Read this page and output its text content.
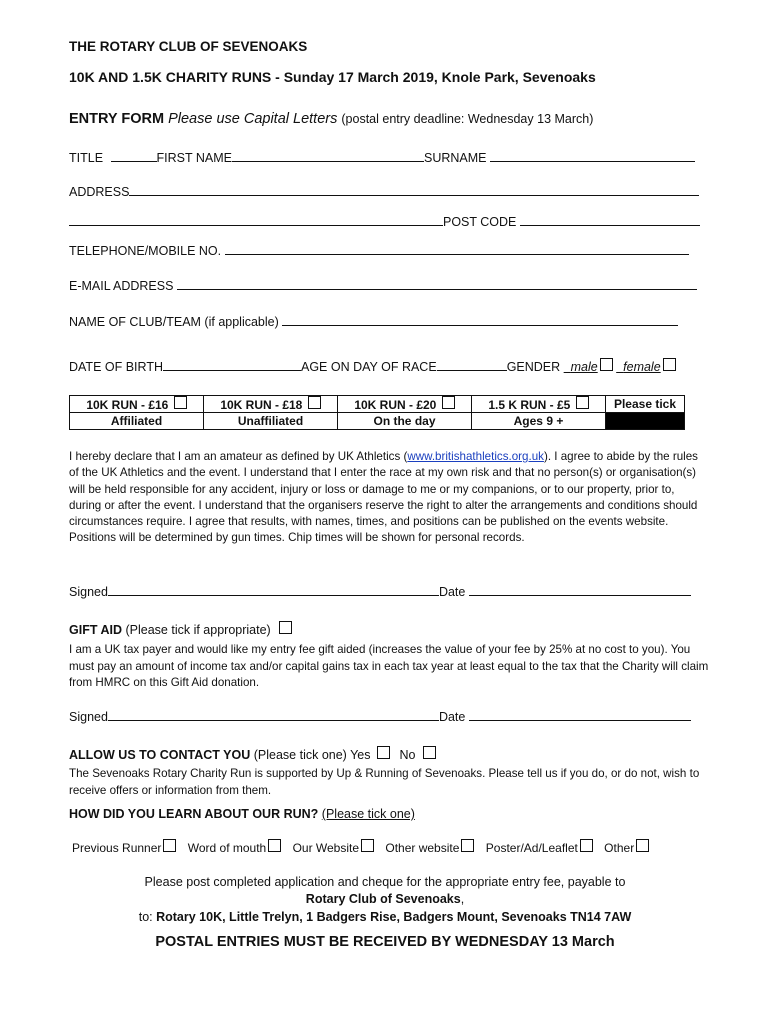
THE ROTARY CLUB OF SEVENOAKS
10K AND 1.5K CHARITY RUNS - Sunday 17 March 2019, Knole Park, Sevenoaks
ENTRY FORM Please use Capital Letters (postal entry deadline: Wednesday 13 March)
TITLE	FIRST NAME	SURNAME
ADDRESS
POST CODE
TELEPHONE/MOBILE NO.
E-MAIL ADDRESS
NAME OF CLUB/TEAM (if applicable)
DATE OF BIRTH	AGE ON DAY OF RACE	GENDER male female
10K RUN - £16	10K RUN - £18	10K RUN - £20	1.5 K RUN - £5	Please tick
Affiliated	Unaffiliated	On the day	Ages 9 +	

I hereby declare that I am an amateur as defined by UK Athletics (www.britishathletics.org.uk). I agree to abide by the rules of the UK Athletics and the event. I understand that I enter the race at my own risk and that no person(s) or organisation(s) will be held responsible for any accident, injury or loss or damage to me or my companions, or to our property, prior to, during or after the event. I understand that the organisers reserve the right to alter the arrangements and conditions should circumstances require. I agree that results, with names, times, and positions can be published on the events website. Positions will be determined by gun times. Chip times will be shown for personal records.

Signed	Date
GIFT AID (Please tick if appropriate)

I am a UK tax payer and would like my entry fee gift aided (increases the value of your fee by 25% at no cost to you). You must pay an amount of income tax and/or capital gains tax in each tax year at least equal to the tax that the Charity will claim from HMRC on this Gift Aid donation.

Signed	Date
ALLOW US TO CONTACT YOU (Please tick one) Yes No

The Sevenoaks Rotary Charity Run is supported by Up & Running of Sevenoaks. Please tell us if you do, or do not, wish to receive offers or information from them.

HOW DID YOU LEARN ABOUT OUR RUN? (Please tick one)
Previous Runner Word of mouth Our Website Other website Poster/Ad/Leaflet Other
Please post completed application and cheque for the appropriate entry fee, payable to
Rotary Club of Sevenoaks,
to: Rotary 10K, Little Trelyn, 1 Badgers Rise, Badgers Mount, Sevenoaks TN14 7AW
POSTAL ENTRIES MUST BE RECEIVED BY WEDNESDAY 13 March
